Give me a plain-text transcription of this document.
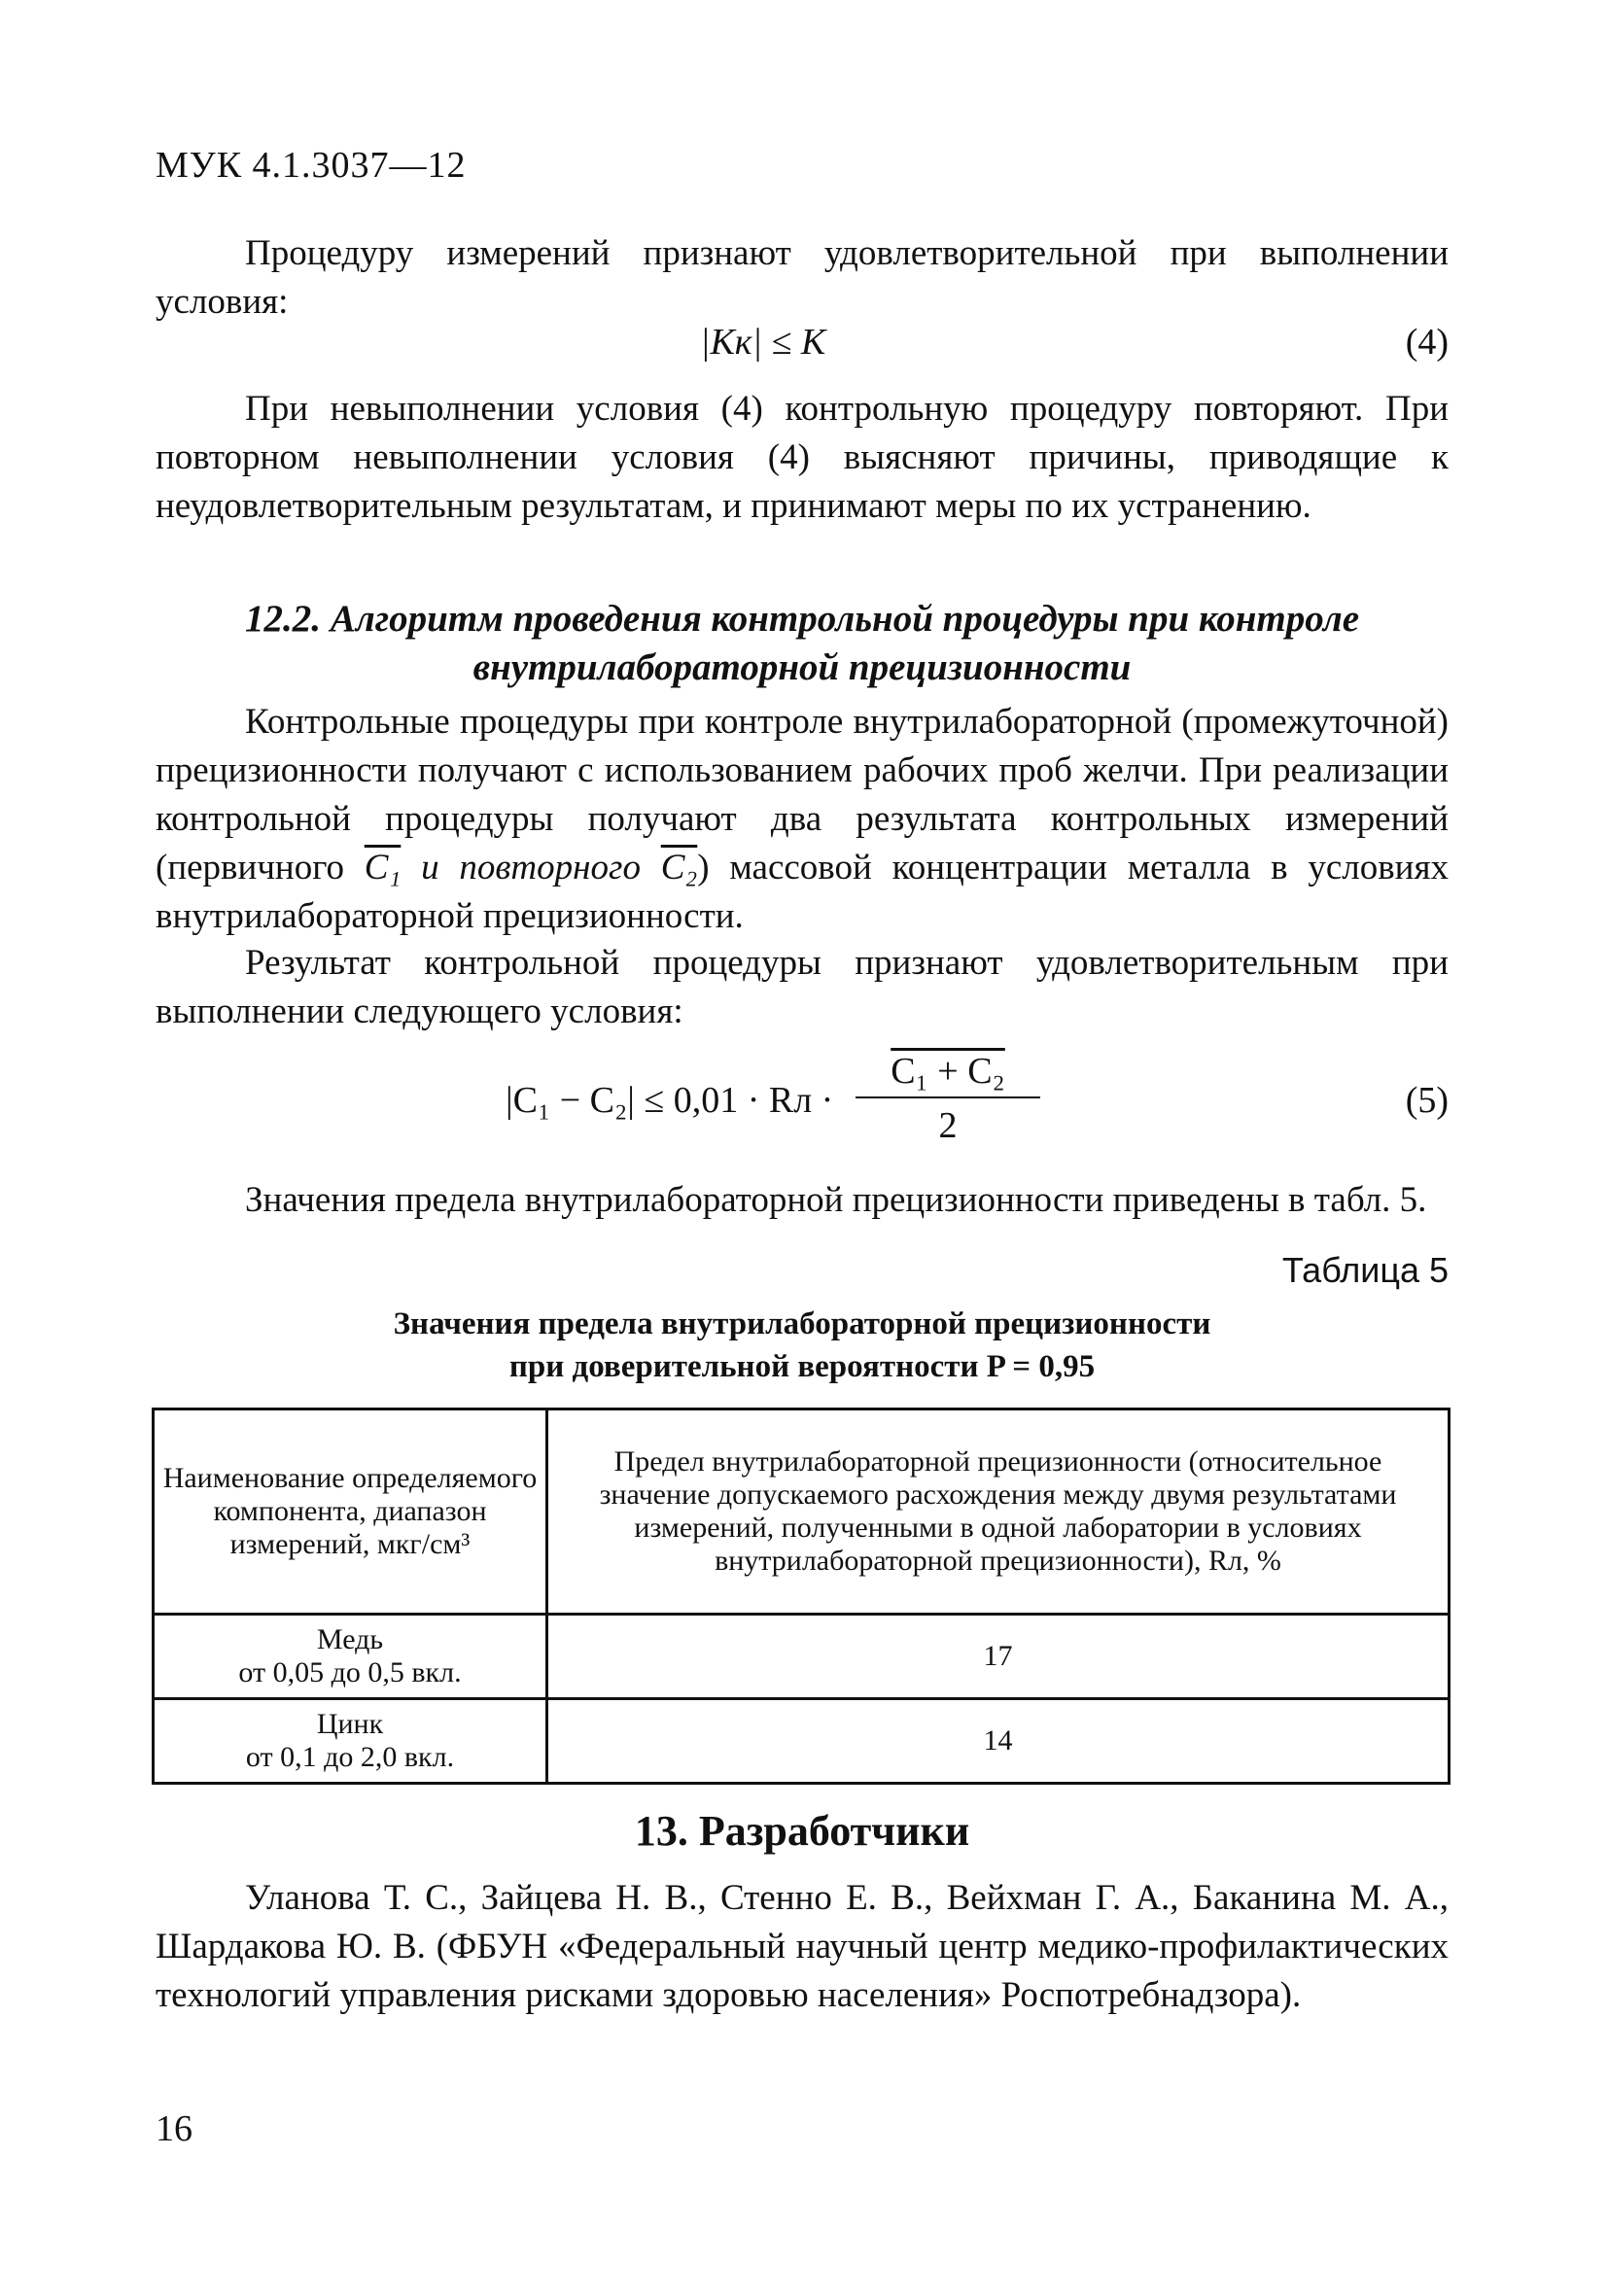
МУК 4.1.3037—12

Процедуру измерений признают удовлетворительной при выполнении условия:

|Kк| ≤ K	(4)

При невыполнении условия (4) контрольную процедуру повторяют. При повторном невыполнении условия (4) выясняют причины, приводящие к неудовлетворительным результатам, и принимают меры по их устранению.

12.2. Алгоритм проведения контрольной процедуры при контроле
внутрилабораторной прецизионности

Контрольные процедуры при контроле внутрилабораторной (промежуточной) прецизионности получают с использованием рабочих проб желчи. При реализации контрольной процедуры получают два результата контрольных измерений (первичного C₁ и повторного C₂) массовой концентрации металла в условиях внутрилабораторной прецизионности.

Результат контрольной процедуры признают удовлетворительным при выполнении следующего условия:

|C₁ − C₂| ≤ 0,01 · Rл · $\frac{\text{C₁ + C₂}}{2}$	(5)

Значения предела внутрилабораторной прецизионности приведены в табл. 5.

Таблица 5
Значения предела внутрилабораторной прецизионности
при доверительной вероятности P = 0,95
Наименование определяемого компонента, диапазон измерений, мкг/см³	Предел внутрилабораторной прецизионности (относительное значение допускаемого расхождения между двумя результатами измерений, полученными в одной лаборатории в условиях внутрилабораторной прецизионности), Rл, %

Медь
от 0,05 до 0,5 вкл.	17

Цинк
от 0,1 до 2,0 вкл.	14
13. Разработчики

Уланова Т. С., Зайцева Н. В., Стенно Е. В., Вейхман Г. А., Баканина М. А., Шардакова Ю. В. (ФБУН «Федеральный научный центр медико-профилактических технологий управления рисками здоровью населения» Роспотребнадзора).

16
